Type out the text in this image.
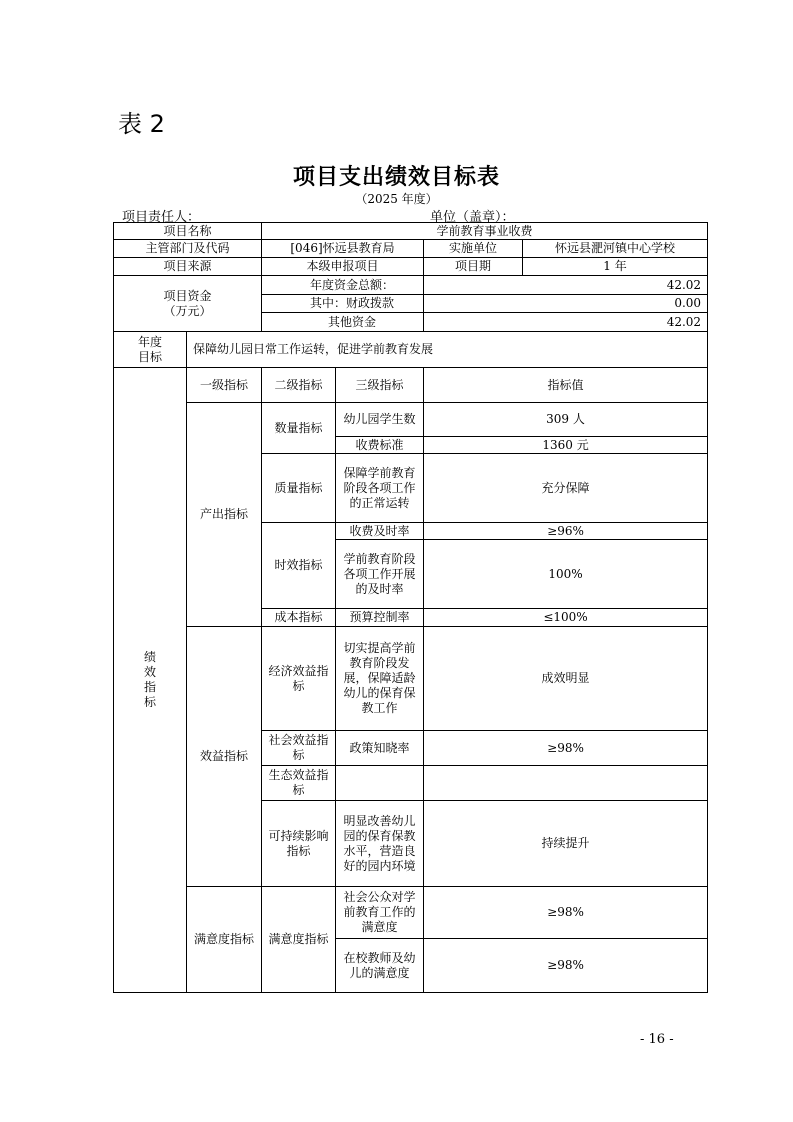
表 2
项目支出绩效目标表
（2025 年度）
项目责任人：	单位（盖章）：
项目名称		学前教育事业收费		
主管部门及代码		[046]怀远县教育局		实施单位 怀远县淝河镇中心学校

项目来源		本级申报项目		项目期 1 年

项目资金
（万元）		年度资金总额：		42.02
		其中：财政拨款		0.00
		其他资金		42.02

年度
目标	保障幼儿园日常工作运转，促进学前教育发展			

绩
效
指
标	一级指标	二级指标	三级指标	指标值
	产出指标	数量指标	幼儿园学生数	309 人
			收费标准	1360 元
		质量指标	保障学前教育阶段各项工作的正常运转	充分保障
		时效指标	收费及时率	≥96%
			学前教育阶段各项工作开展的及时率	100%
		成本指标	预算控制率	≤100%
	效益指标	经济效益指标	切实提高学前教育阶段发展，保障适龄幼儿的保育保教工作	成效明显
		社会效益指标	政策知晓率	≥98%
		生态效益指标		
		可持续影响指标	明显改善幼儿园的保育保教水平，营造良好的园内环境	持续提升
	满意度指标	满意度指标	社会公众对学前教育工作的满意度	≥98%
			在校教师及幼儿的满意度	≥98%
- 16 -
